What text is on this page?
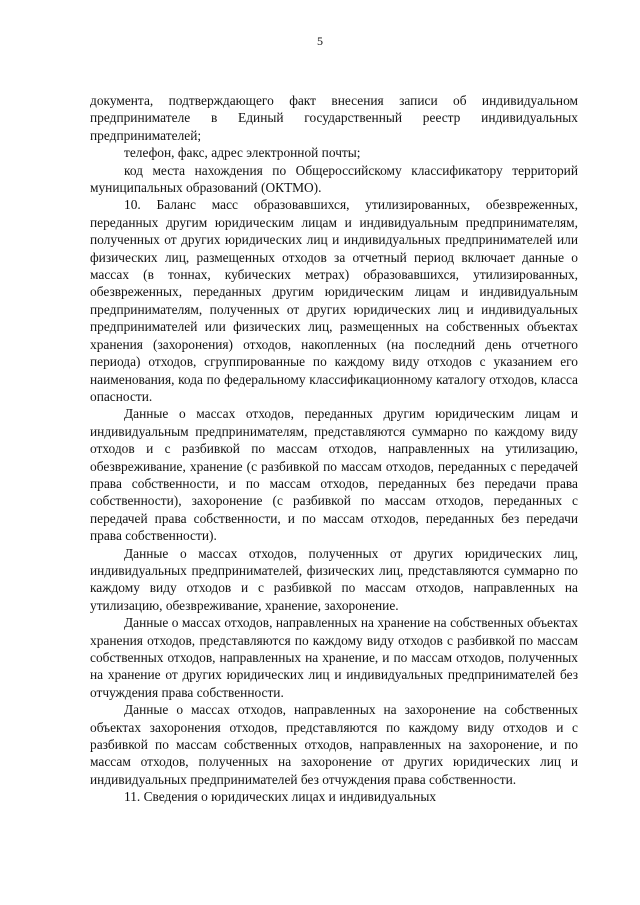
5

документа, подтверждающего факт внесения записи об индивидуальном предпринимателе в Единый государственный реестр индивидуальных предпринимателей;

телефон, факс, адрес электронной почты;

код места нахождения по Общероссийскому классификатору территорий муниципальных образований (ОКТМО).

10. Баланс масс образовавшихся, утилизированных, обезвреженных, переданных другим юридическим лицам и индивидуальным предпринимателям, полученных от других юридических лиц и индивидуальных предпринимателей или физических лиц, размещенных отходов за отчетный период включает данные о массах (в тоннах, кубических метрах) образовавшихся, утилизированных, обезвреженных, переданных другим юридическим лицам и индивидуальным предпринимателям, полученных от других юридических лиц и индивидуальных предпринимателей или физических лиц, размещенных на собственных объектах хранения (захоронения) отходов, накопленных (на последний день отчетного периода) отходов, сгруппированные по каждому виду отходов с указанием его наименования, кода по федеральному классификационному каталогу отходов, класса опасности.

Данные о массах отходов, переданных другим юридическим лицам и индивидуальным предпринимателям, представляются суммарно по каждому виду отходов и с разбивкой по массам отходов, направленных на утилизацию, обезвреживание, хранение (с разбивкой по массам отходов, переданных с передачей права собственности, и по массам отходов, переданных без передачи права собственности), захоронение (с разбивкой по массам отходов, переданных с передачей права собственности, и по массам отходов, переданных без передачи права собственности).

Данные о массах отходов, полученных от других юридических лиц, индивидуальных предпринимателей, физических лиц, представляются суммарно по каждому виду отходов и с разбивкой по массам отходов, направленных на утилизацию, обезвреживание, хранение, захоронение.

Данные о массах отходов, направленных на хранение на собственных объектах хранения отходов, представляются по каждому виду отходов с разбивкой по массам собственных отходов, направленных на хранение, и по массам отходов, полученных на хранение от других юридических лиц и индивидуальных предпринимателей без отчуждения права собственности.

Данные о массах отходов, направленных на захоронение на собственных объектах захоронения отходов, представляются по каждому виду отходов и с разбивкой по массам собственных отходов, направленных на захоронение, и по массам отходов, полученных на захоронение от других юридических лиц и индивидуальных предпринимателей без отчуждения права собственности.

11. Сведения о юридических лицах и индивидуальных
